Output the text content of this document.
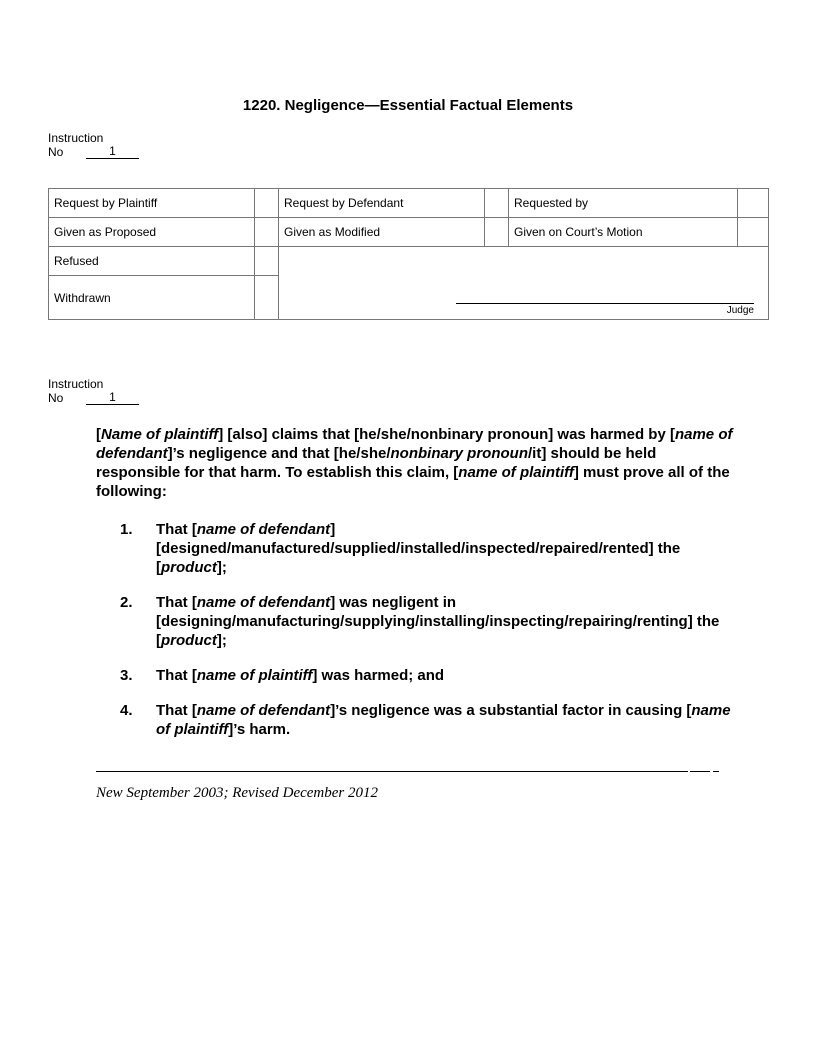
1220. Negligence—Essential Factual Elements
Instruction
No	1
Request by Plaintiff		Request by Defendant		Requested by	
Given as Proposed		Given as Modified		Given on Court’s Motion	
Refused		Judge			

Withdrawn					
Instruction
No	1

[Name of plaintiff] [also] claims that [he/she/nonbinary pronoun] was harmed by [name of defendant]’s negligence and that [he/she/nonbinary pronoun/it] should be held responsible for that harm. To establish this claim, [name of plaintiff] must prove all of the following:

1.	That [name of defendant] [designed/manufactured/supplied/installed/inspected/repaired/rented] the [product];
2.	That [name of defendant] was negligent in [designing/manufacturing/supplying/installing/inspecting/repairing/renting] the [product];
3.	That [name of plaintiff] was harmed; and
4.	That [name of defendant]’s negligence was a substantial factor in causing [name of plaintiff]’s harm.
New September 2003; Revised December 2012
